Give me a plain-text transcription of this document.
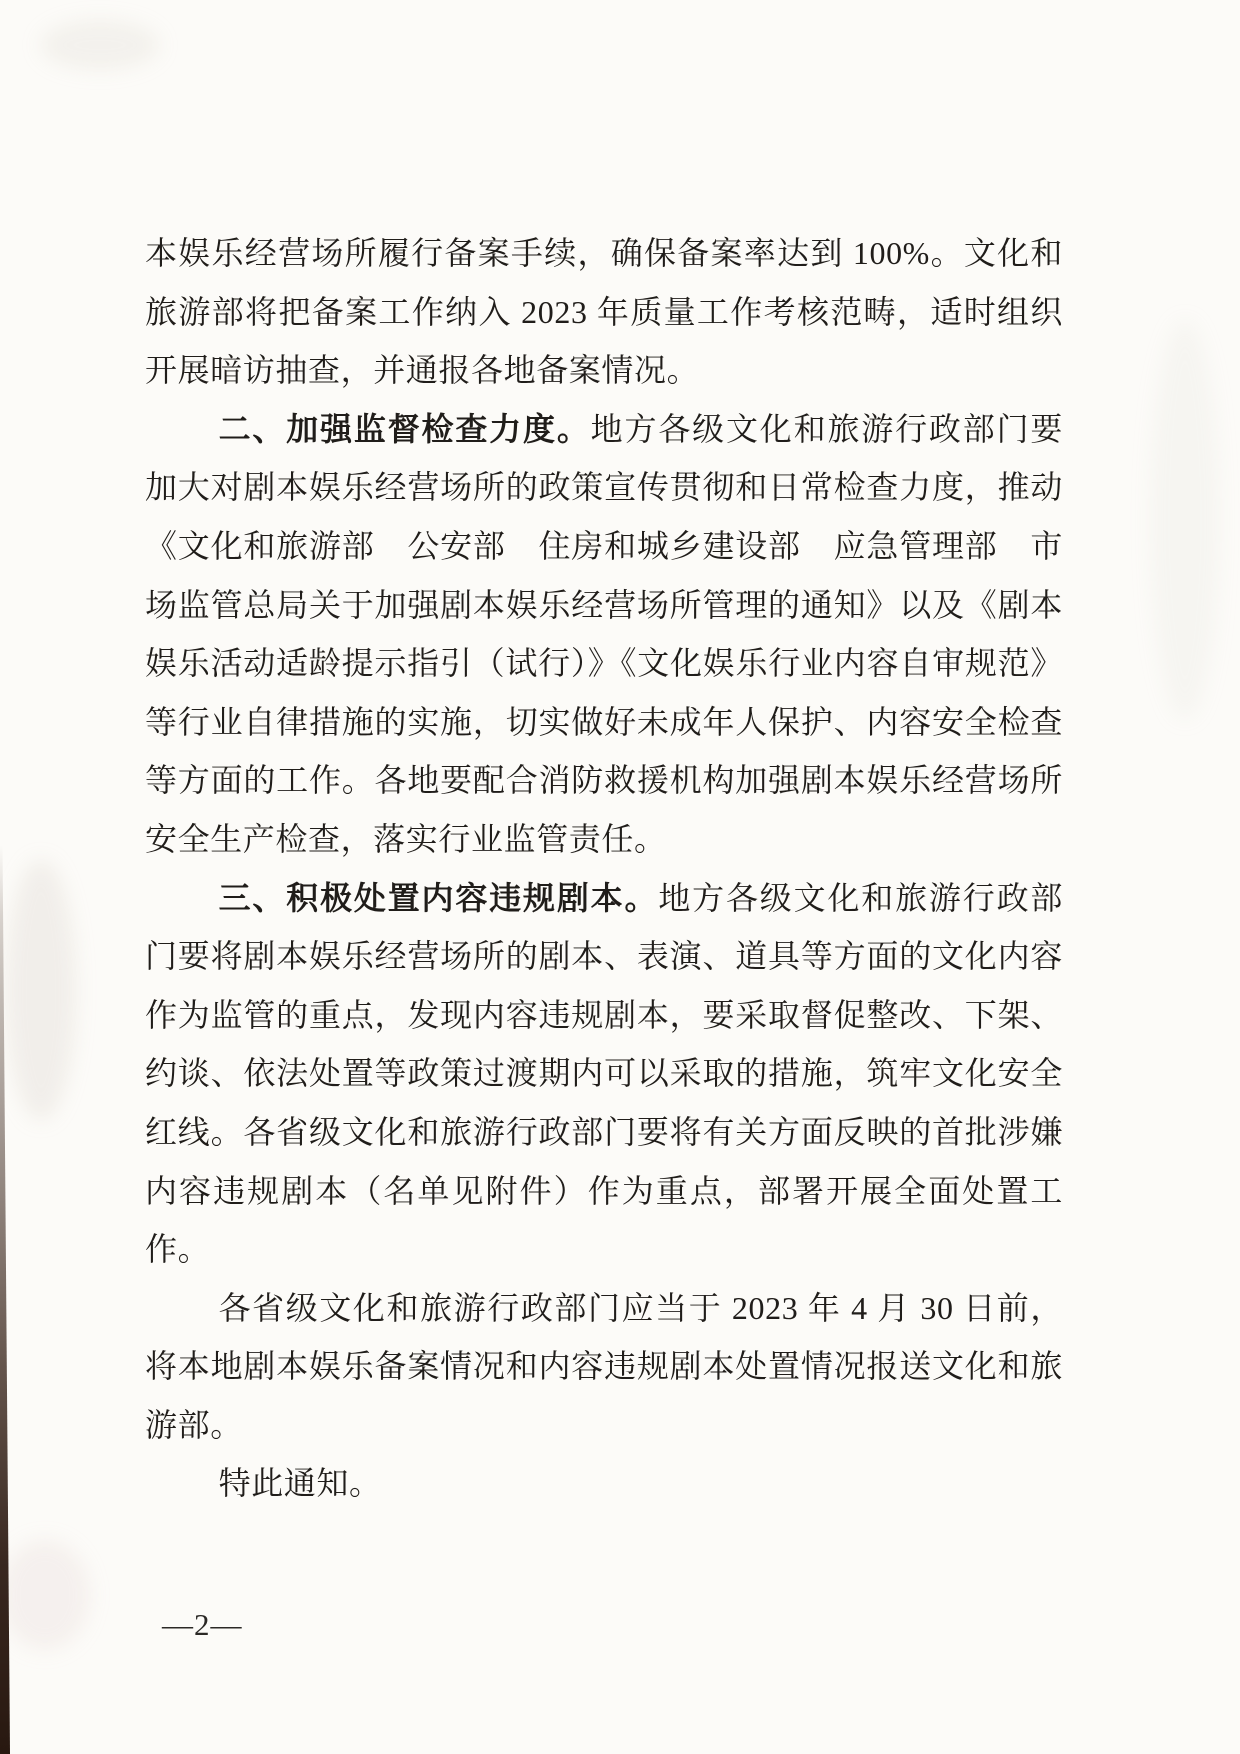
本娱乐经营场所履行备案手续，确保备案率达到 100%。文化和旅游部将把备案工作纳入 2023 年质量工作考核范畴，适时组织开展暗访抽查，并通报各地备案情况。

二、加强监督检查力度。地方各级文化和旅游行政部门要加大对剧本娱乐经营场所的政策宣传贯彻和日常检查力度，推动《文化和旅游部　公安部　住房和城乡建设部　应急管理部　市场监管总局关于加强剧本娱乐经营场所管理的通知》以及《剧本娱乐活动适龄提示指引（试行）》《文化娱乐行业内容自审规范》等行业自律措施的实施，切实做好未成年人保护、内容安全检查等方面的工作。各地要配合消防救援机构加强剧本娱乐经营场所安全生产检查，落实行业监管责任。

三、积极处置内容违规剧本。地方各级文化和旅游行政部门要将剧本娱乐经营场所的剧本、表演、道具等方面的文化内容作为监管的重点，发现内容违规剧本，要采取督促整改、下架、约谈、依法处置等政策过渡期内可以采取的措施，筑牢文化安全红线。各省级文化和旅游行政部门要将有关方面反映的首批涉嫌内容违规剧本（名单见附件）作为重点，部署开展全面处置工作。

各省级文化和旅游行政部门应当于 2023 年 4 月 30 日前，将本地剧本娱乐备案情况和内容违规剧本处置情况报送文化和旅游部。

特此通知。

—2—
